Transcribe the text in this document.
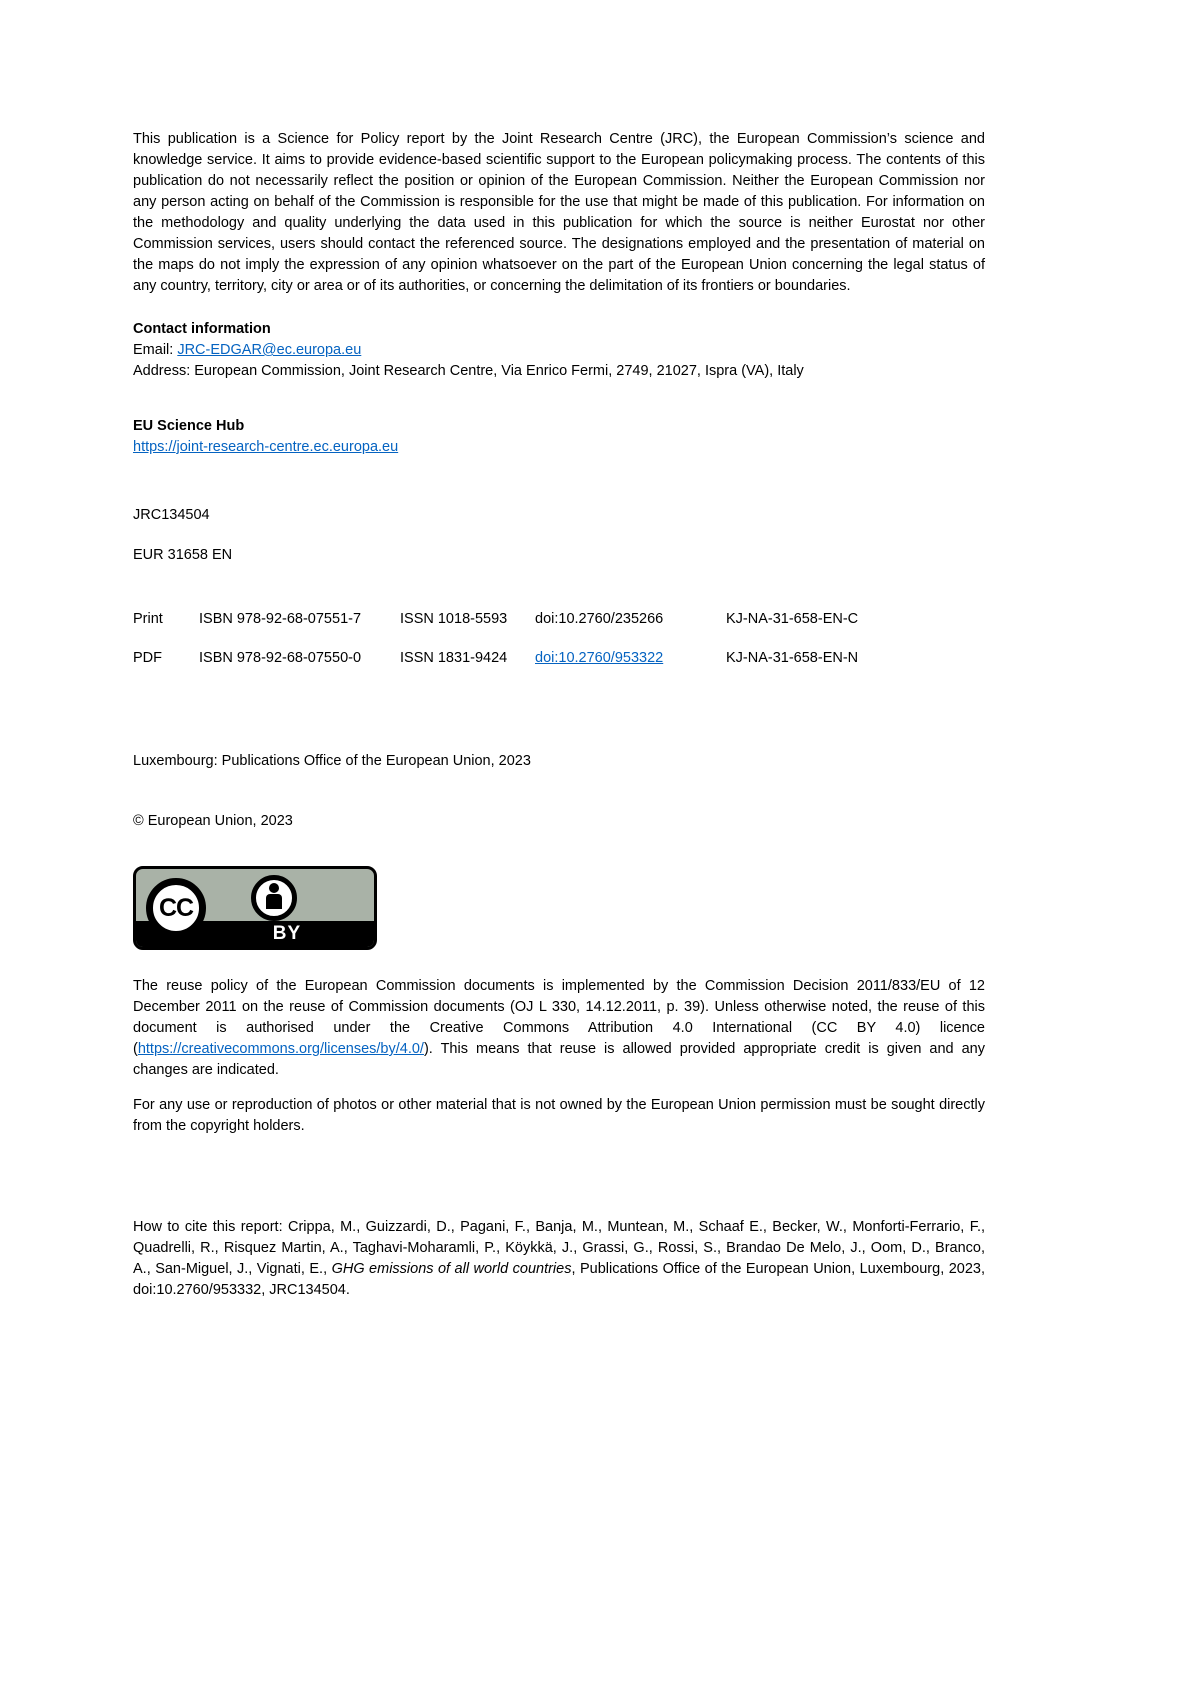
This publication is a Science for Policy report by the Joint Research Centre (JRC), the European Commission’s science and knowledge service. It aims to provide evidence-based scientific support to the European policymaking process. The contents of this publication do not necessarily reflect the position or opinion of the European Commission. Neither the European Commission nor any person acting on behalf of the Commission is responsible for the use that might be made of this publication. For information on the methodology and quality underlying the data used in this publication for which the source is neither Eurostat nor other Commission services, users should contact the referenced source. The designations employed and the presentation of material on the maps do not imply the expression of any opinion whatsoever on the part of the European Union concerning the legal status of any country, territory, city or area or of its authorities, or concerning the delimitation of its frontiers or boundaries.

Contact information

Email: JRC-EDGAR@ec.europa.eu

Address: European Commission, Joint Research Centre, Via Enrico Fermi, 2749, 21027, Ispra (VA), Italy

EU Science Hub

https://joint-research-centre.ec.europa.eu

JRC134504

EUR 31658 EN

Print	ISBN 978-92-68-07551-7	ISSN 1018-5593	doi:10.2760/235266	KJ-NA-31-658-EN-C
PDF	ISBN 978-92-68-07550-0	ISSN 1831-9424	doi:10.2760/953322	KJ-NA-31-658-EN-N

Luxembourg: Publications Office of the European Union, 2023

© European Union, 2023

BY
CC

The reuse policy of the European Commission documents is implemented by the Commission Decision 2011/833/EU of 12 December 2011 on the reuse of Commission documents (OJ L 330, 14.12.2011, p. 39). Unless otherwise noted, the reuse of this document is authorised under the Creative Commons Attribution 4.0 International (CC BY 4.0) licence (https://creativecommons.org/licenses/by/4.0/). This means that reuse is allowed provided appropriate credit is given and any changes are indicated.

For any use or reproduction of photos or other material that is not owned by the European Union permission must be sought directly from the copyright holders.

How to cite this report: Crippa, M., Guizzardi, D., Pagani, F., Banja, M., Muntean, M., Schaaf E., Becker, W., Monforti-Ferrario, F., Quadrelli, R., Risquez Martin, A., Taghavi-Moharamli, P., Köykkä, J., Grassi, G., Rossi, S., Brandao De Melo, J., Oom, D., Branco, A., San-Miguel, J., Vignati, E., GHG emissions of all world countries, Publications Office of the European Union, Luxembourg, 2023, doi:10.2760/953332, JRC134504.
